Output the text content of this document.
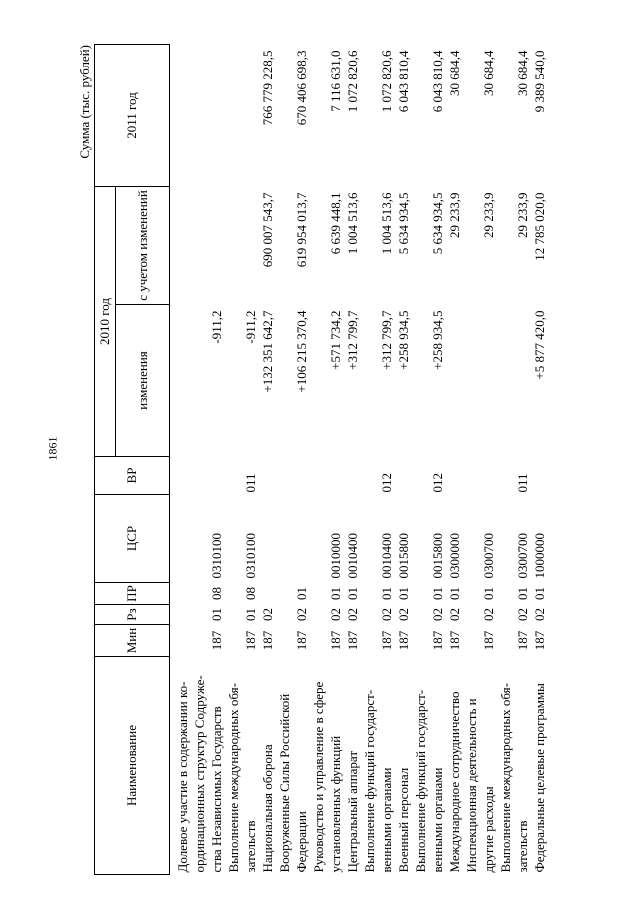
1861
Сумма (тыс. рублей)
Наименование	Мин	Рз	ПР	ЦСР	ВР	2010 год		2011 год
						изменения	с учетом изменений	
Долевое участие в содержании ко-ординационных структур Содруже-ства Независимых Государств	187	01	08	0310100		-911,2		
Выполнение международных обя-зательств	187	01	08	0310100	011	-911,2		
Национальная оборона	187	02				+132 351 642,7	690 007 543,7	766 779 228,5
Вооруженные Силы Российской Федерации	187	02	01			+106 215 370,4	619 954 013,7	670 406 698,3
Руководство и управление в сфере установленных функций	187	02	01	0010000		+571 734,2	6 639 448,1	7 116 631,0
Центральный аппарат	187	02	01	0010400		+312 799,7	1 004 513,6	1 072 820,6
Выполнение функций государст-венными органами	187	02	01	0010400	012	+312 799,7	1 004 513,6	1 072 820,6
Военный персонал	187	02	01	0015800		+258 934,5	5 634 934,5	6 043 810,4
Выполнение функций государст-венными органами	187	02	01	0015800	012	+258 934,5	5 634 934,5	6 043 810,4
Международное сотрудничество	187	02	01	0300000			29 233,9	30 684,4
Инспекционная деятельность и другие расходы	187	02	01	0300700			29 233,9	30 684,4
Выполнение международных обя-зательств	187	02	01	0300700	011		29 233,9	30 684,4
Федеральные целевые программы	187	02	01	1000000		+5 877 420,0	12 785 020,0	9 389 540,0
